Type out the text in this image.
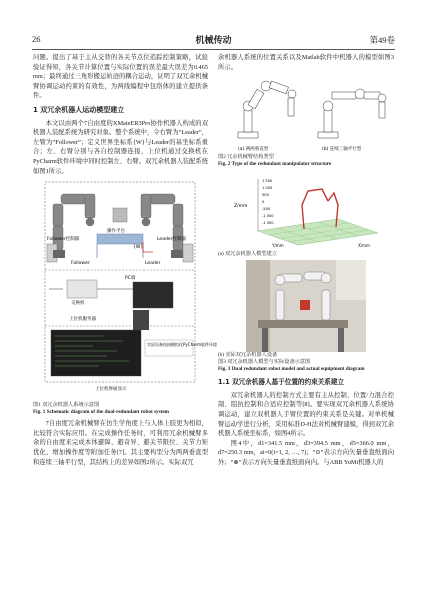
26	机械传动	第49卷

问题。提出了基于主从交替的各关节点位追踪控制策略，试验验证得知，各关节计算位置与实际位置的误差最大误差为0.465 mm；最终通过三角形搬运轨迹的耦合运动，证明了双冗余机械臂协调运动约束的有效性，为两线编程中包络体的建立提供条件。

1 双冗余机器人运动模型建立

本文以由两个7自由度的XMateER3Pro协作机器人构成的双机器人装配系统为研究对象。整个系统中，令右臂为“Leader”，左臂为“Follower”；定义世界坐标系{W}与Leader的基坐标系重合；左、右臂分别与各自控制器连接，上位机通过交换机在PyCharm软件环境中同时控制左、右臂。双冗余机器人装配系统如图1所示。

Follower控制器	Leader控制器
操作平台
Follower	Leader
{W}
PC端
交换机
上位机服务器
实际设备连接模拟化PyCharm软件环境
上位机界面显示

图1 双冗余机器人系统示意图

Fig. 1 Schematic diagram of the dual-redundant robot system

7自由度冗余机械臂在仿生学角度上与人体上肢更为相似，比较符合实际应用。在完成操作任务时，可利用冗余机械臂多余的自由度来完成本体避障、避奇异、避关节限位、关节力矩优化、增加操作度等附加任务[7]。其主要构型分为两两垂直型和连续三轴平行型，其结构上的差异如图2所示。实际双冗

余机器人系统的位置关系以及Matlab软件中机器人的模型如图3所示。

(a) 两两垂直型	(b) 连续三轴平行型

图2 冗余机械臂结构类型

Fig. 2 Type of the redundant manipulator structure

Z/mm
1 500
1 000
500
0
-500
-1 000
-1 500
Y/mm	X/mm

(a) 双冗余机器人模型建立

(b) 实际双冗余机器人设备

图3 双冗余机器人模型与实际设备示意图

Fig. 3 Dual redundant robot model and actual equipment diagram

1.1 双冗余机器人基于位置的约束关系建立

双冗余机器人的控制方式主要有主从控制、位置/力混合控制、阻抗控制和合适应控制等[8]。要实现双冗余机器人系统协调运动，建立双机器人手臂位置的约束关系是关键。对单机械臂运动学进行分析，采用标准D-H法对机械臂建模，得到双冗余机器人系统坐标系，如图4所示。

图4中，d1=341.5 mm，d3=394.5 mm，d5=366.0 mm，d7=250.3 mm，ai=0(i=1, 2, …, 7)；“⊙”表示方向矢量垂直纸面向外；“⊗”表示方向矢量垂直纸面向内。与ABB YuMi机器人的
